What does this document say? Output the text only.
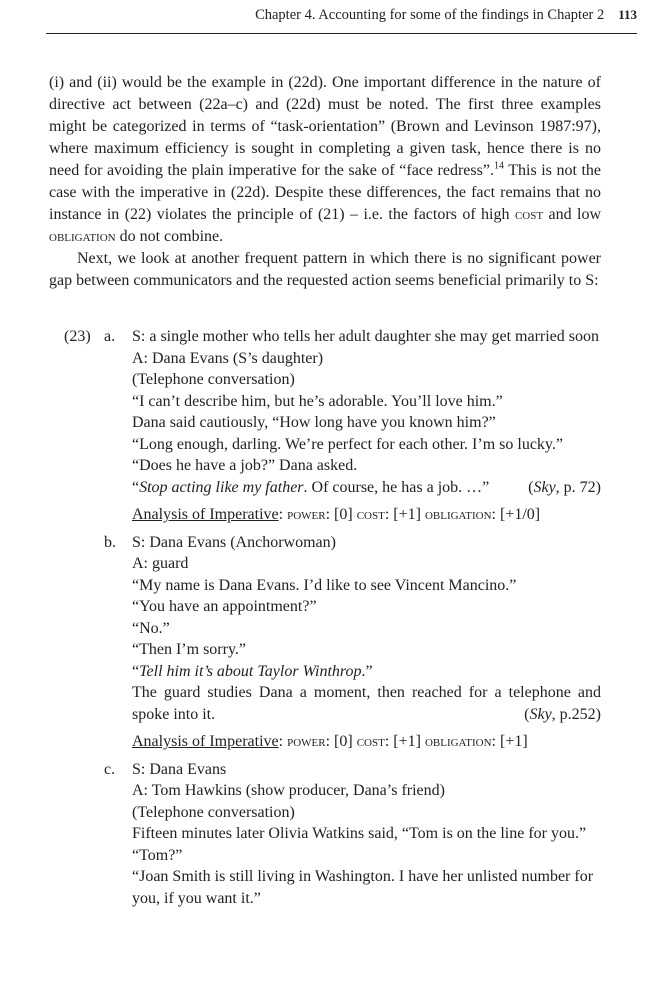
Chapter 4. Accounting for some of the findings in Chapter 2 113

(i) and (ii) would be the example in (22d). One important difference in the nature of directive act between (22a–c) and (22d) must be noted. The first three examples might be categorized in terms of “task-orientation” (Brown and Levinson 1987:97), where maximum efficiency is sought in completing a given task, hence there is no need for avoiding the plain imperative for the sake of “face redress”.$^{14}$ This is not the case with the imperative in (22d). Despite these differences, the fact remains that no instance in (22) violates the principle of (21) – i.e. the factors of high cost and low obligation do not combine.

Next, we look at another frequent pattern in which there is no significant power gap between communicators and the requested action seems beneficial primarily to S:

(23) a.	S: a single mother who tells her adult daughter she may get married soon
A: Dana Evans (S’s daughter)
(Telephone conversation)
“I can’t describe him, but he’s adorable. You’ll love him.”
Dana said cautiously, “How long have you known him?”
“Long enough, darling. We’re perfect for each other. I’m so lucky.”
“Does he have a job?” Dana asked.
“Stop acting like my father. Of course, he has a job. …”	(Sky, p. 72)
Analysis of Imperative: power: [0] cost: [+1] obligation: [+1/0]
b.	S: Dana Evans (Anchorwoman)
A: guard
“My name is Dana Evans. I’d like to see Vincent Mancino.”
“You have an appointment?”
“No.”
“Then I’m sorry.”
“Tell him it’s about Taylor Winthrop.”
The guard studies Dana a moment, then reached for a telephone and
spoke into it.	(Sky, p.252)
Analysis of Imperative: power: [0] cost: [+1] obligation: [+1]
c.	S: Dana Evans
A: Tom Hawkins (show producer, Dana’s friend)
(Telephone conversation)
Fifteen minutes later Olivia Watkins said, “Tom is on the line for you.”
“Tom?”
“Joan Smith is still living in Washington. I have her unlisted number for you, if you want it.”
